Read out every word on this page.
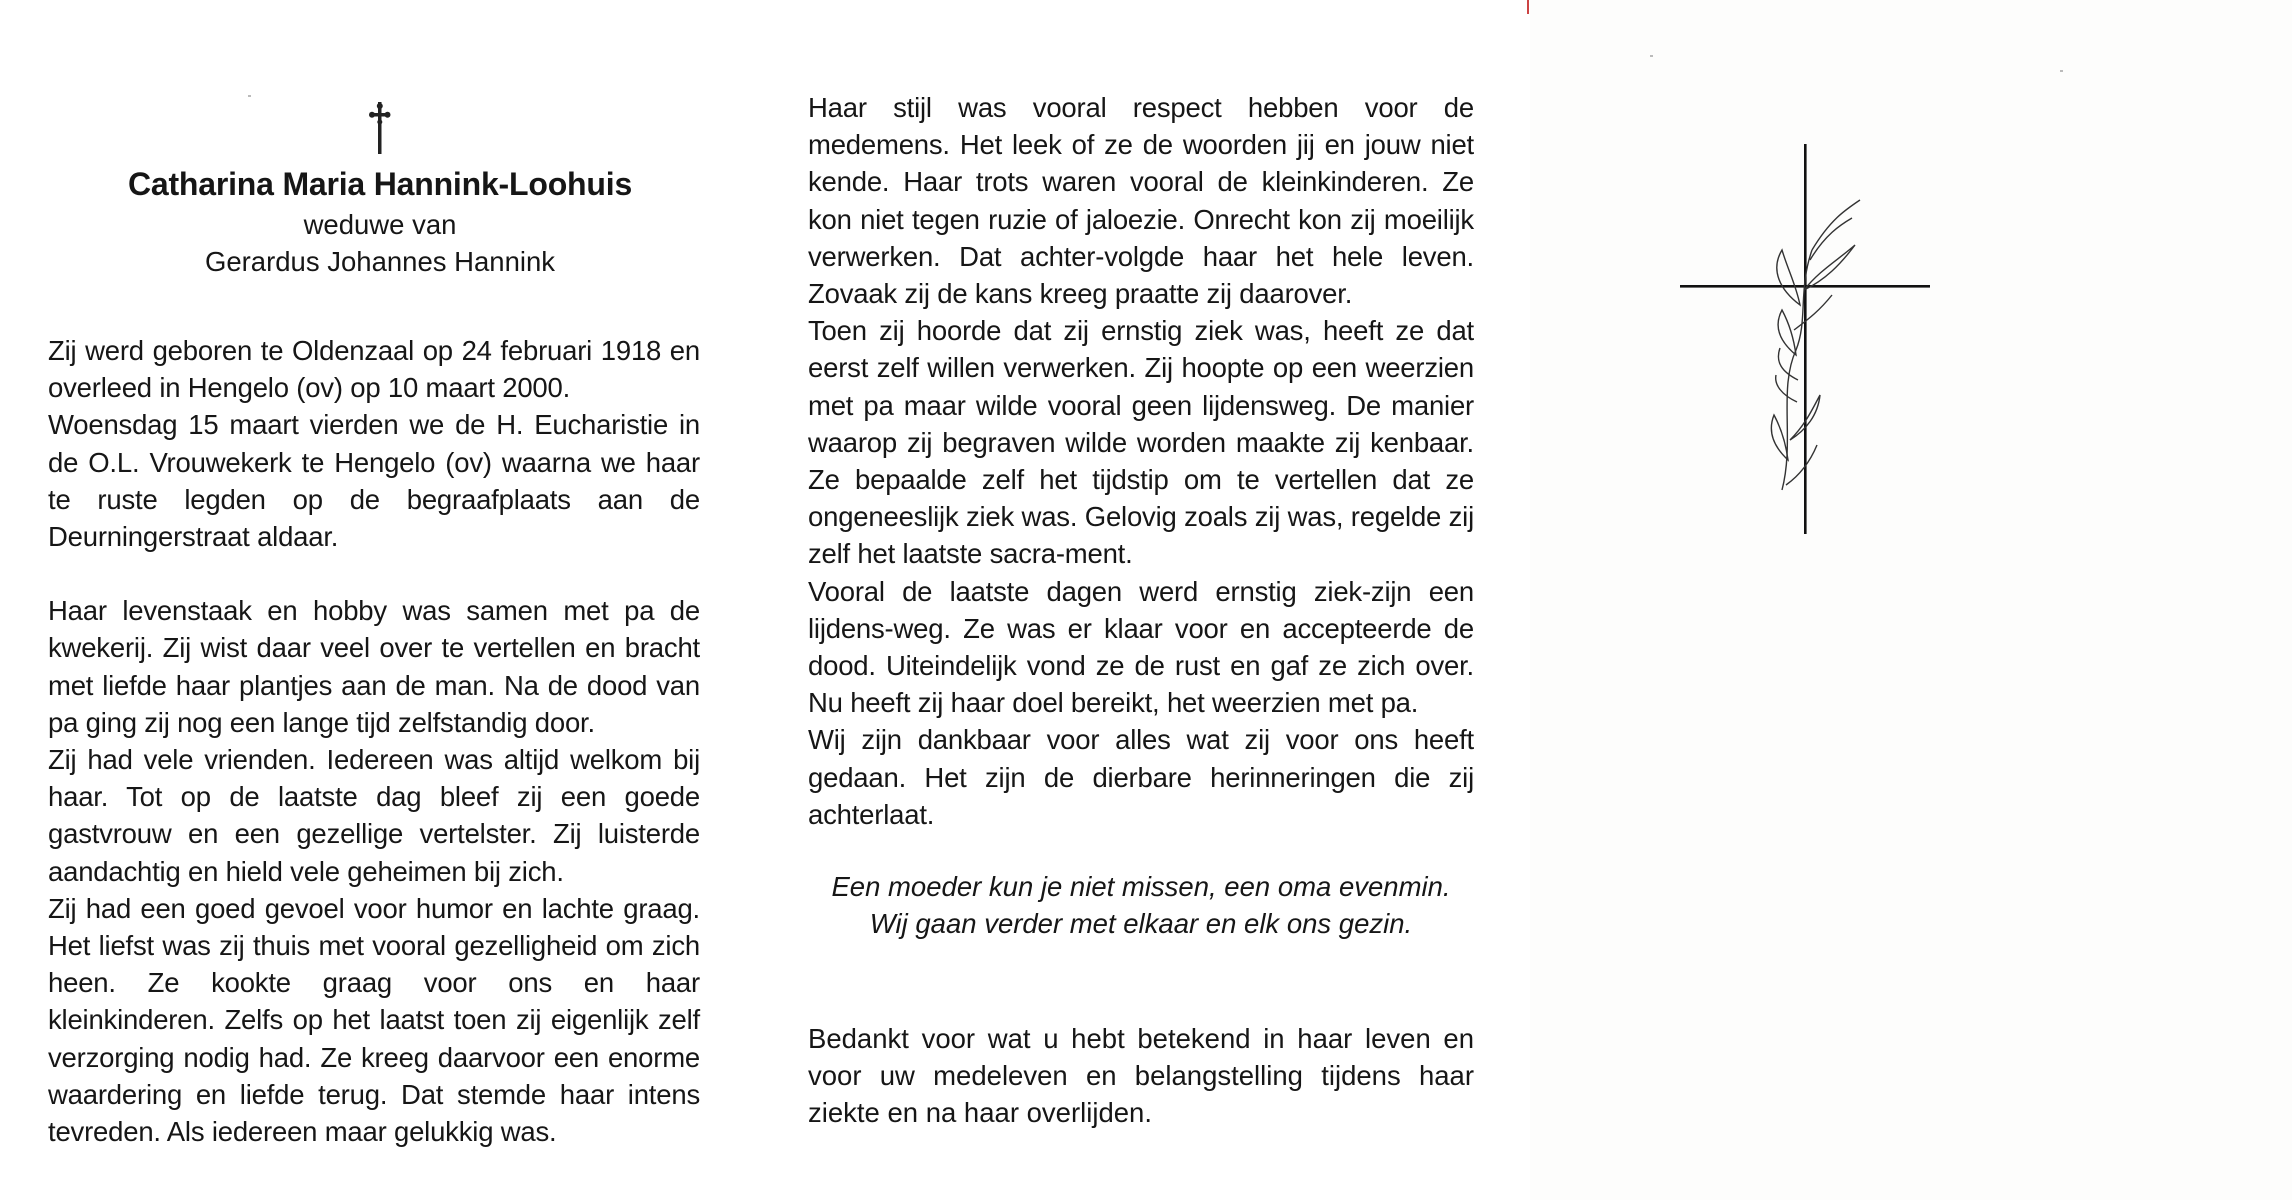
Catharina Maria Hannink-Loohuis
weduwe van
Gerardus Johannes Hannink

Zij werd geboren te Oldenzaal op 24 februari 1918 en overleed in Hengelo (ov) op 10 maart 2000.

Woensdag 15 maart vierden we de H. Eucharistie in de O.L. Vrouwekerk te Hengelo (ov) waarna we haar te ruste legden op de begraafplaats aan de Deurningerstraat aldaar.

Haar levenstaak en hobby was samen met pa de kwekerij. Zij wist daar veel over te vertellen en bracht met liefde haar plantjes aan de man. Na de dood van pa ging zij nog een lange tijd zelfstandig door.

Zij had vele vrienden. Iedereen was altijd welkom bij haar. Tot op de laatste dag bleef zij een goede gastvrouw en een gezellige vertelster. Zij luisterde aandachtig en hield vele geheimen bij zich.

Zij had een goed gevoel voor humor en lachte graag. Het liefst was zij thuis met vooral gezelligheid om zich heen. Ze kookte graag voor ons en haar kleinkinderen. Zelfs op het laatst toen zij eigenlijk zelf verzorging nodig had. Ze kreeg daarvoor een enorme waardering en liefde terug. Dat stemde haar intens tevreden. Als iedereen maar gelukkig was.

Haar stijl was vooral respect hebben voor de medemens. Het leek of ze de woorden jij en jouw niet kende. Haar trots waren vooral de kleinkinderen. Ze kon niet tegen ruzie of jaloezie. Onrecht kon zij moeilijk verwerken. Dat achter-volgde haar het hele leven. Zovaak zij de kans kreeg praatte zij daarover.

Toen zij hoorde dat zij ernstig ziek was, heeft ze dat eerst zelf willen verwerken. Zij hoopte op een weerzien met pa maar wilde vooral geen lijdensweg. De manier waarop zij begraven wilde worden maakte zij kenbaar. Ze bepaalde zelf het tijdstip om te vertellen dat ze ongeneeslijk ziek was. Gelovig zoals zij was, regelde zij zelf het laatste sacra-ment.

Vooral de laatste dagen werd ernstig ziek-zijn een lijdens-weg. Ze was er klaar voor en accepteerde de dood. Uiteindelijk vond ze de rust en gaf ze zich over. Nu heeft zij haar doel bereikt, het weerzien met pa.

Wij zijn dankbaar voor alles wat zij voor ons heeft gedaan. Het zijn de dierbare herinneringen die zij achterlaat.

Een moeder kun je niet missen, een oma evenmin.
Wij gaan verder met elkaar en elk ons gezin.
Bedankt voor wat u hebt betekend in haar leven en voor uw medeleven en belangstelling tijdens haar ziekte en na haar overlijden.
